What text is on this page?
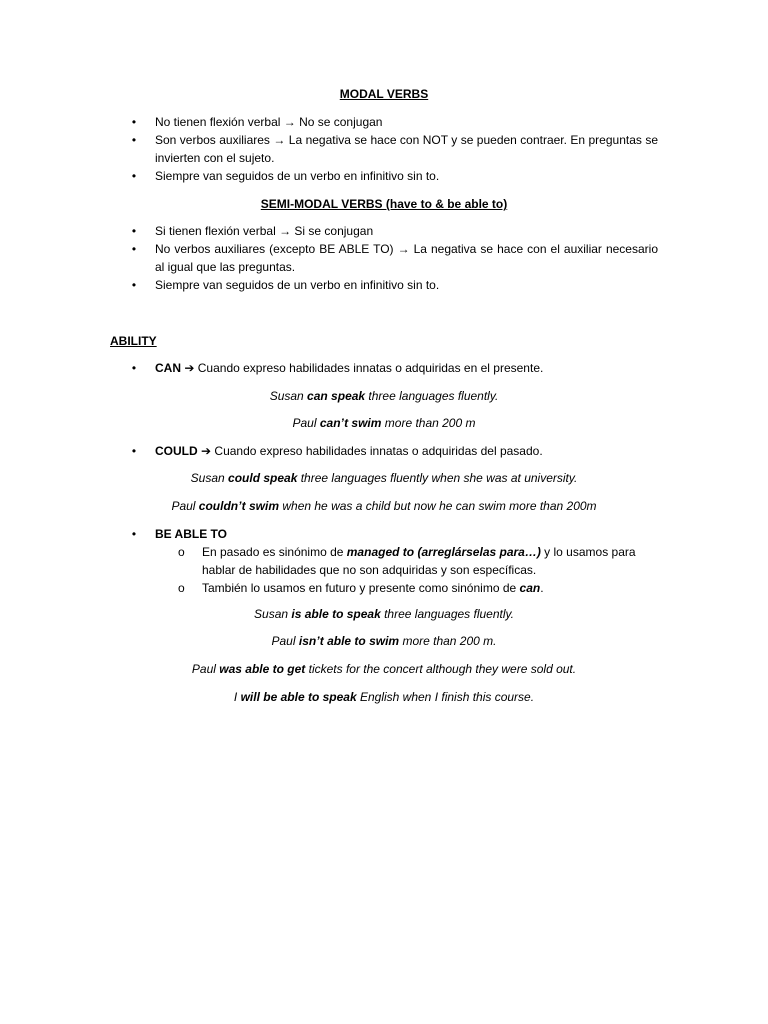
MODAL VERBS
•	No tienen flexión verbal → No se conjugan
•	Son verbos auxiliares → La negativa se hace con NOT y se pueden contraer. En preguntas se invierten con el sujeto.
•	Siempre van seguidos de un verbo en infinitivo sin to.
SEMI-MODAL VERBS (have to & be able to)
•	Si tienen flexión verbal → Si se conjugan
•	No verbos auxiliares (excepto BE ABLE TO) → La negativa se hace con el auxiliar necesario al igual que las preguntas.
•	Siempre van seguidos de un verbo en infinitivo sin to.
ABILITY
•	CAN ➔ Cuando expreso habilidades innatas o adquiridas en el presente.
Susan can speak three languages fluently.
Paul can’t swim more than 200 m
•	COULD ➔ Cuando expreso habilidades innatas o adquiridas del pasado.
Susan could speak three languages fluently when she was at university.
Paul couldn’t swim when he was a child but now he can swim more than 200m
•	BE ABLE TO
o En pasado es sinónimo de managed to (arreglárselas para…) y lo usamos para hablar de habilidades que no son adquiridas y son específicas.
o También lo usamos en futuro y presente como sinónimo de can.
Susan is able to speak three languages fluently.
Paul isn’t able to swim more than 200 m.
Paul was able to get tickets for the concert although they were sold out.
I will be able to speak English when I finish this course.
